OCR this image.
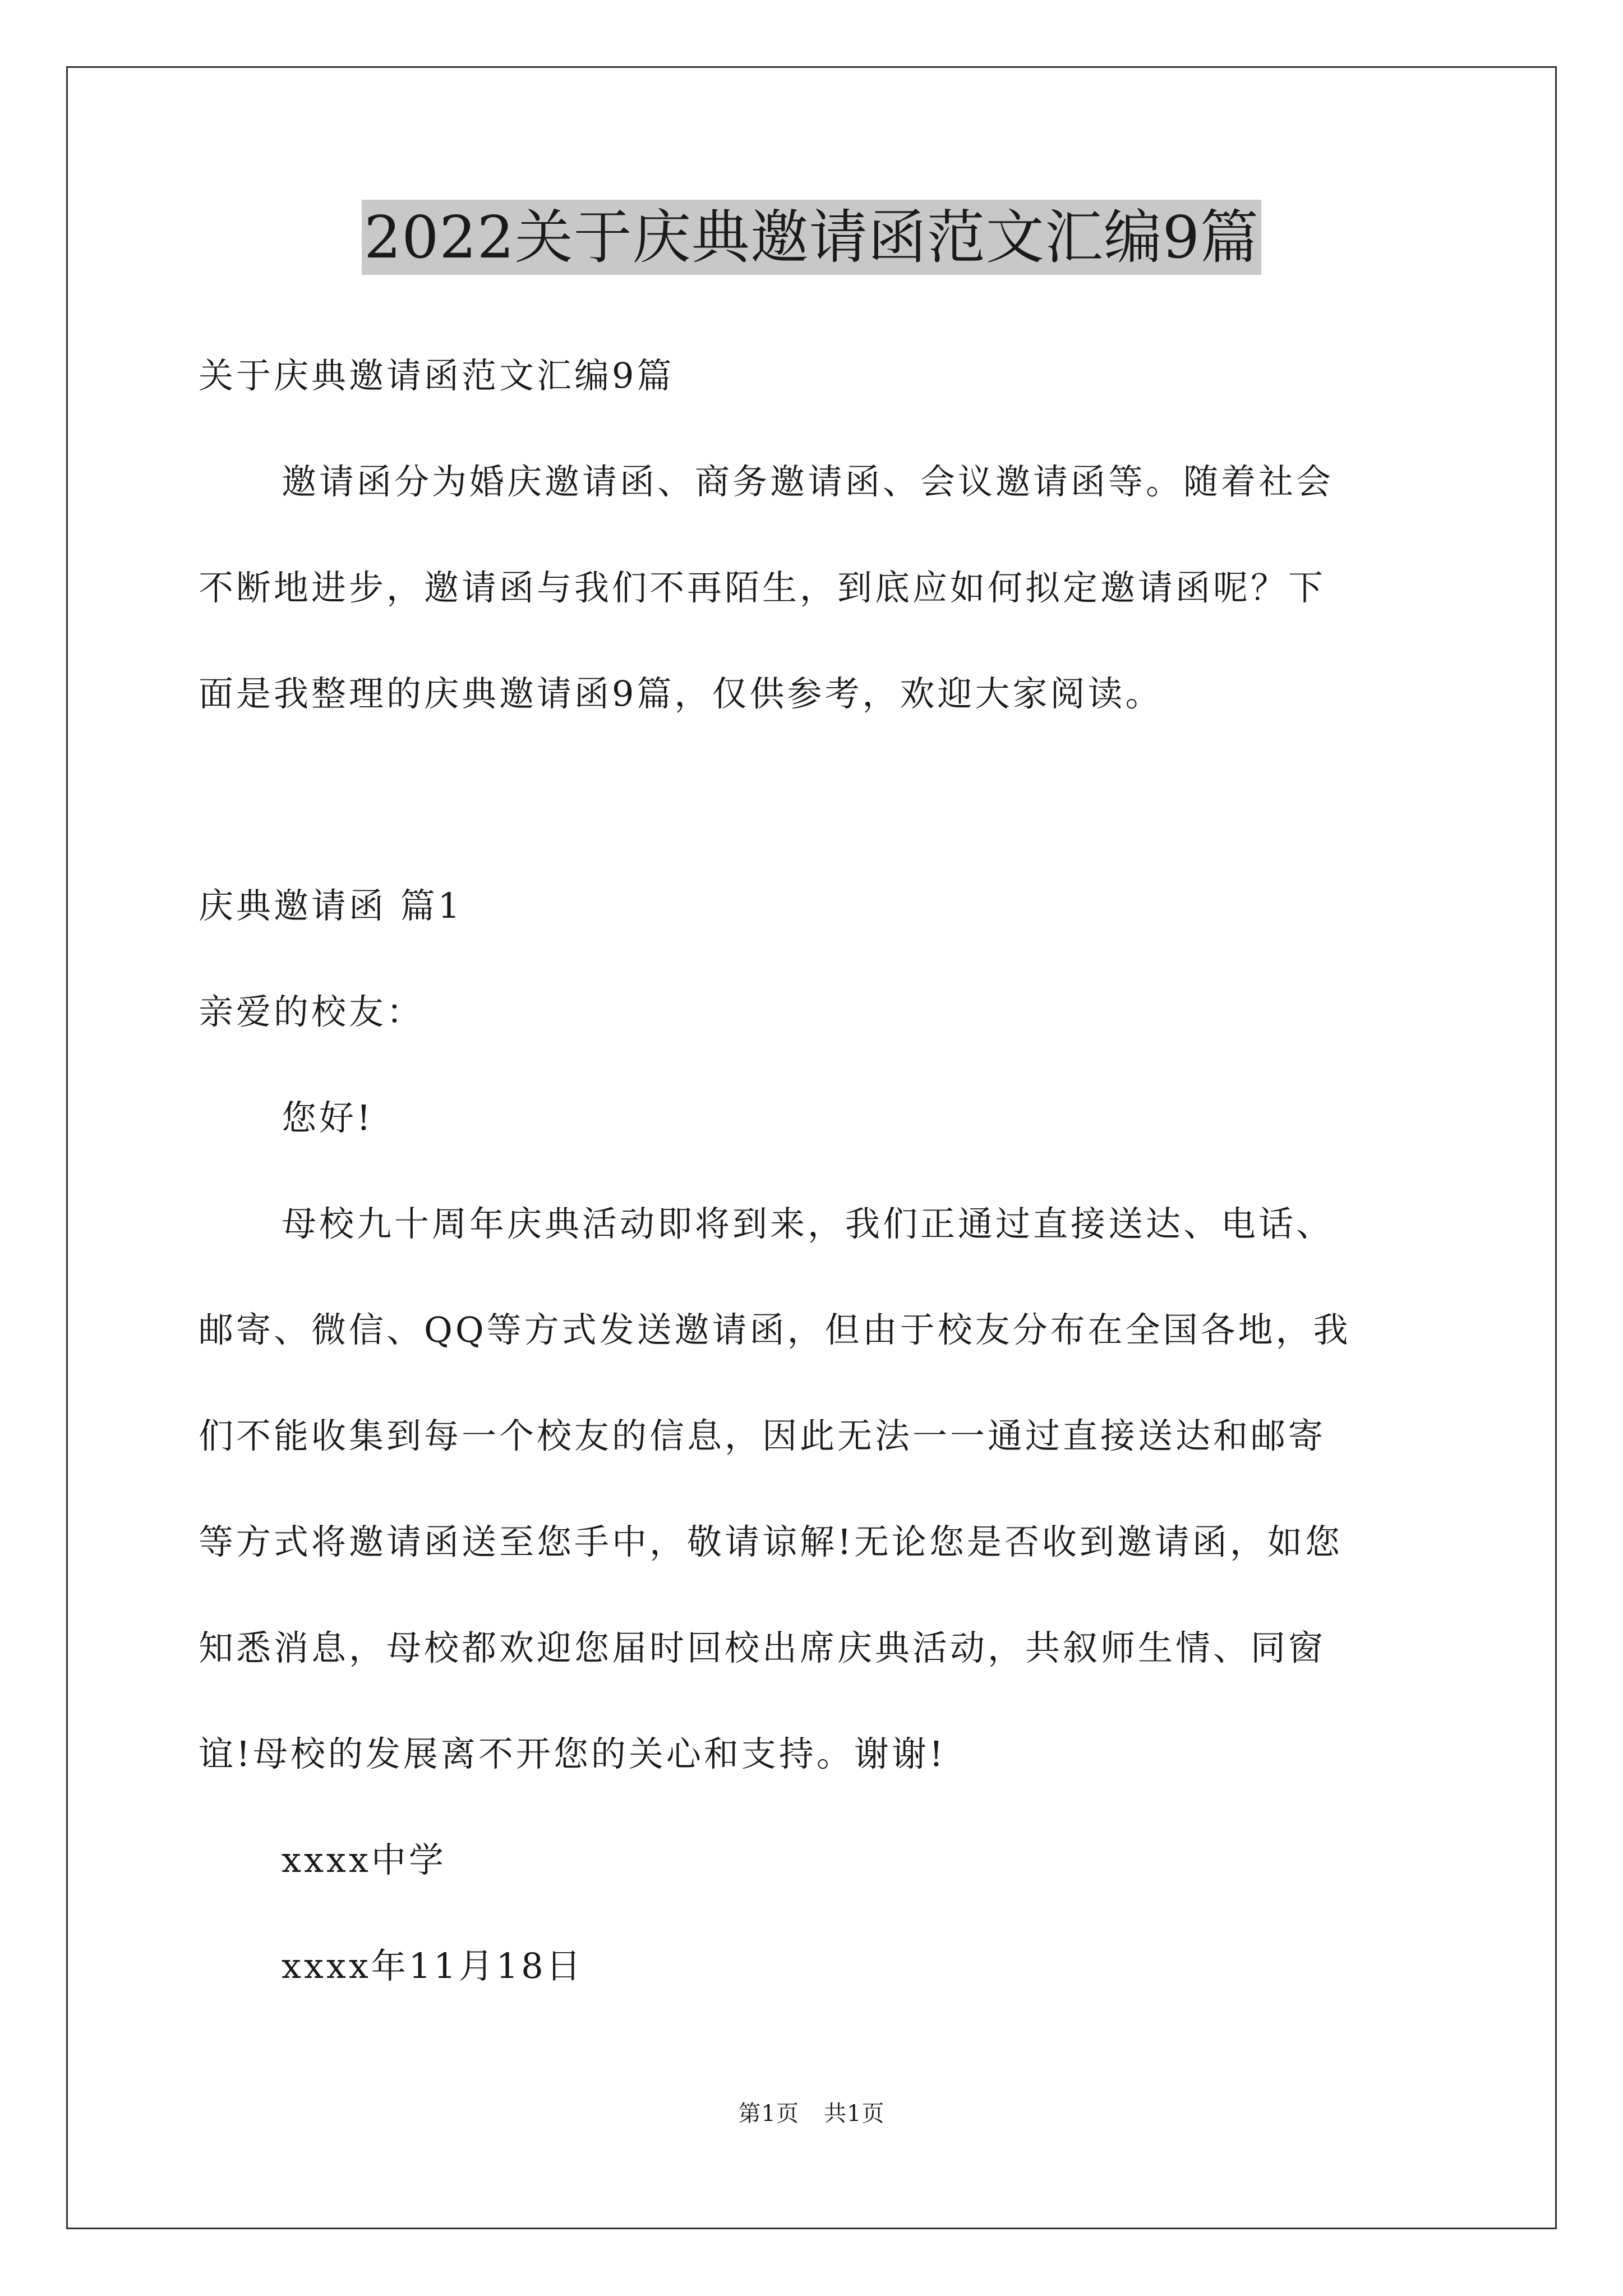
2022关于庆典邀请函范文汇编9篇
关于庆典邀请函范文汇编9篇
邀请函分为婚庆邀请函、商务邀请函、会议邀请函等。随着社会
不断地进步，邀请函与我们不再陌生，到底应如何拟定邀请函呢？下
面是我整理的庆典邀请函9篇，仅供参考，欢迎大家阅读。
庆典邀请函 篇1
亲爱的校友：
您好!
母校九十周年庆典活动即将到来，我们正通过直接送达、电话、
邮寄、微信、QQ等方式发送邀请函，但由于校友分布在全国各地，我
们不能收集到每一个校友的信息，因此无法一一通过直接送达和邮寄
等方式将邀请函送至您手中，敬请谅解!无论您是否收到邀请函，如您
知悉消息，母校都欢迎您届时回校出席庆典活动，共叙师生情、同窗
谊!母校的发展离不开您的关心和支持。谢谢!
xxxx中学
xxxx年11月18日
第1页 共1页
